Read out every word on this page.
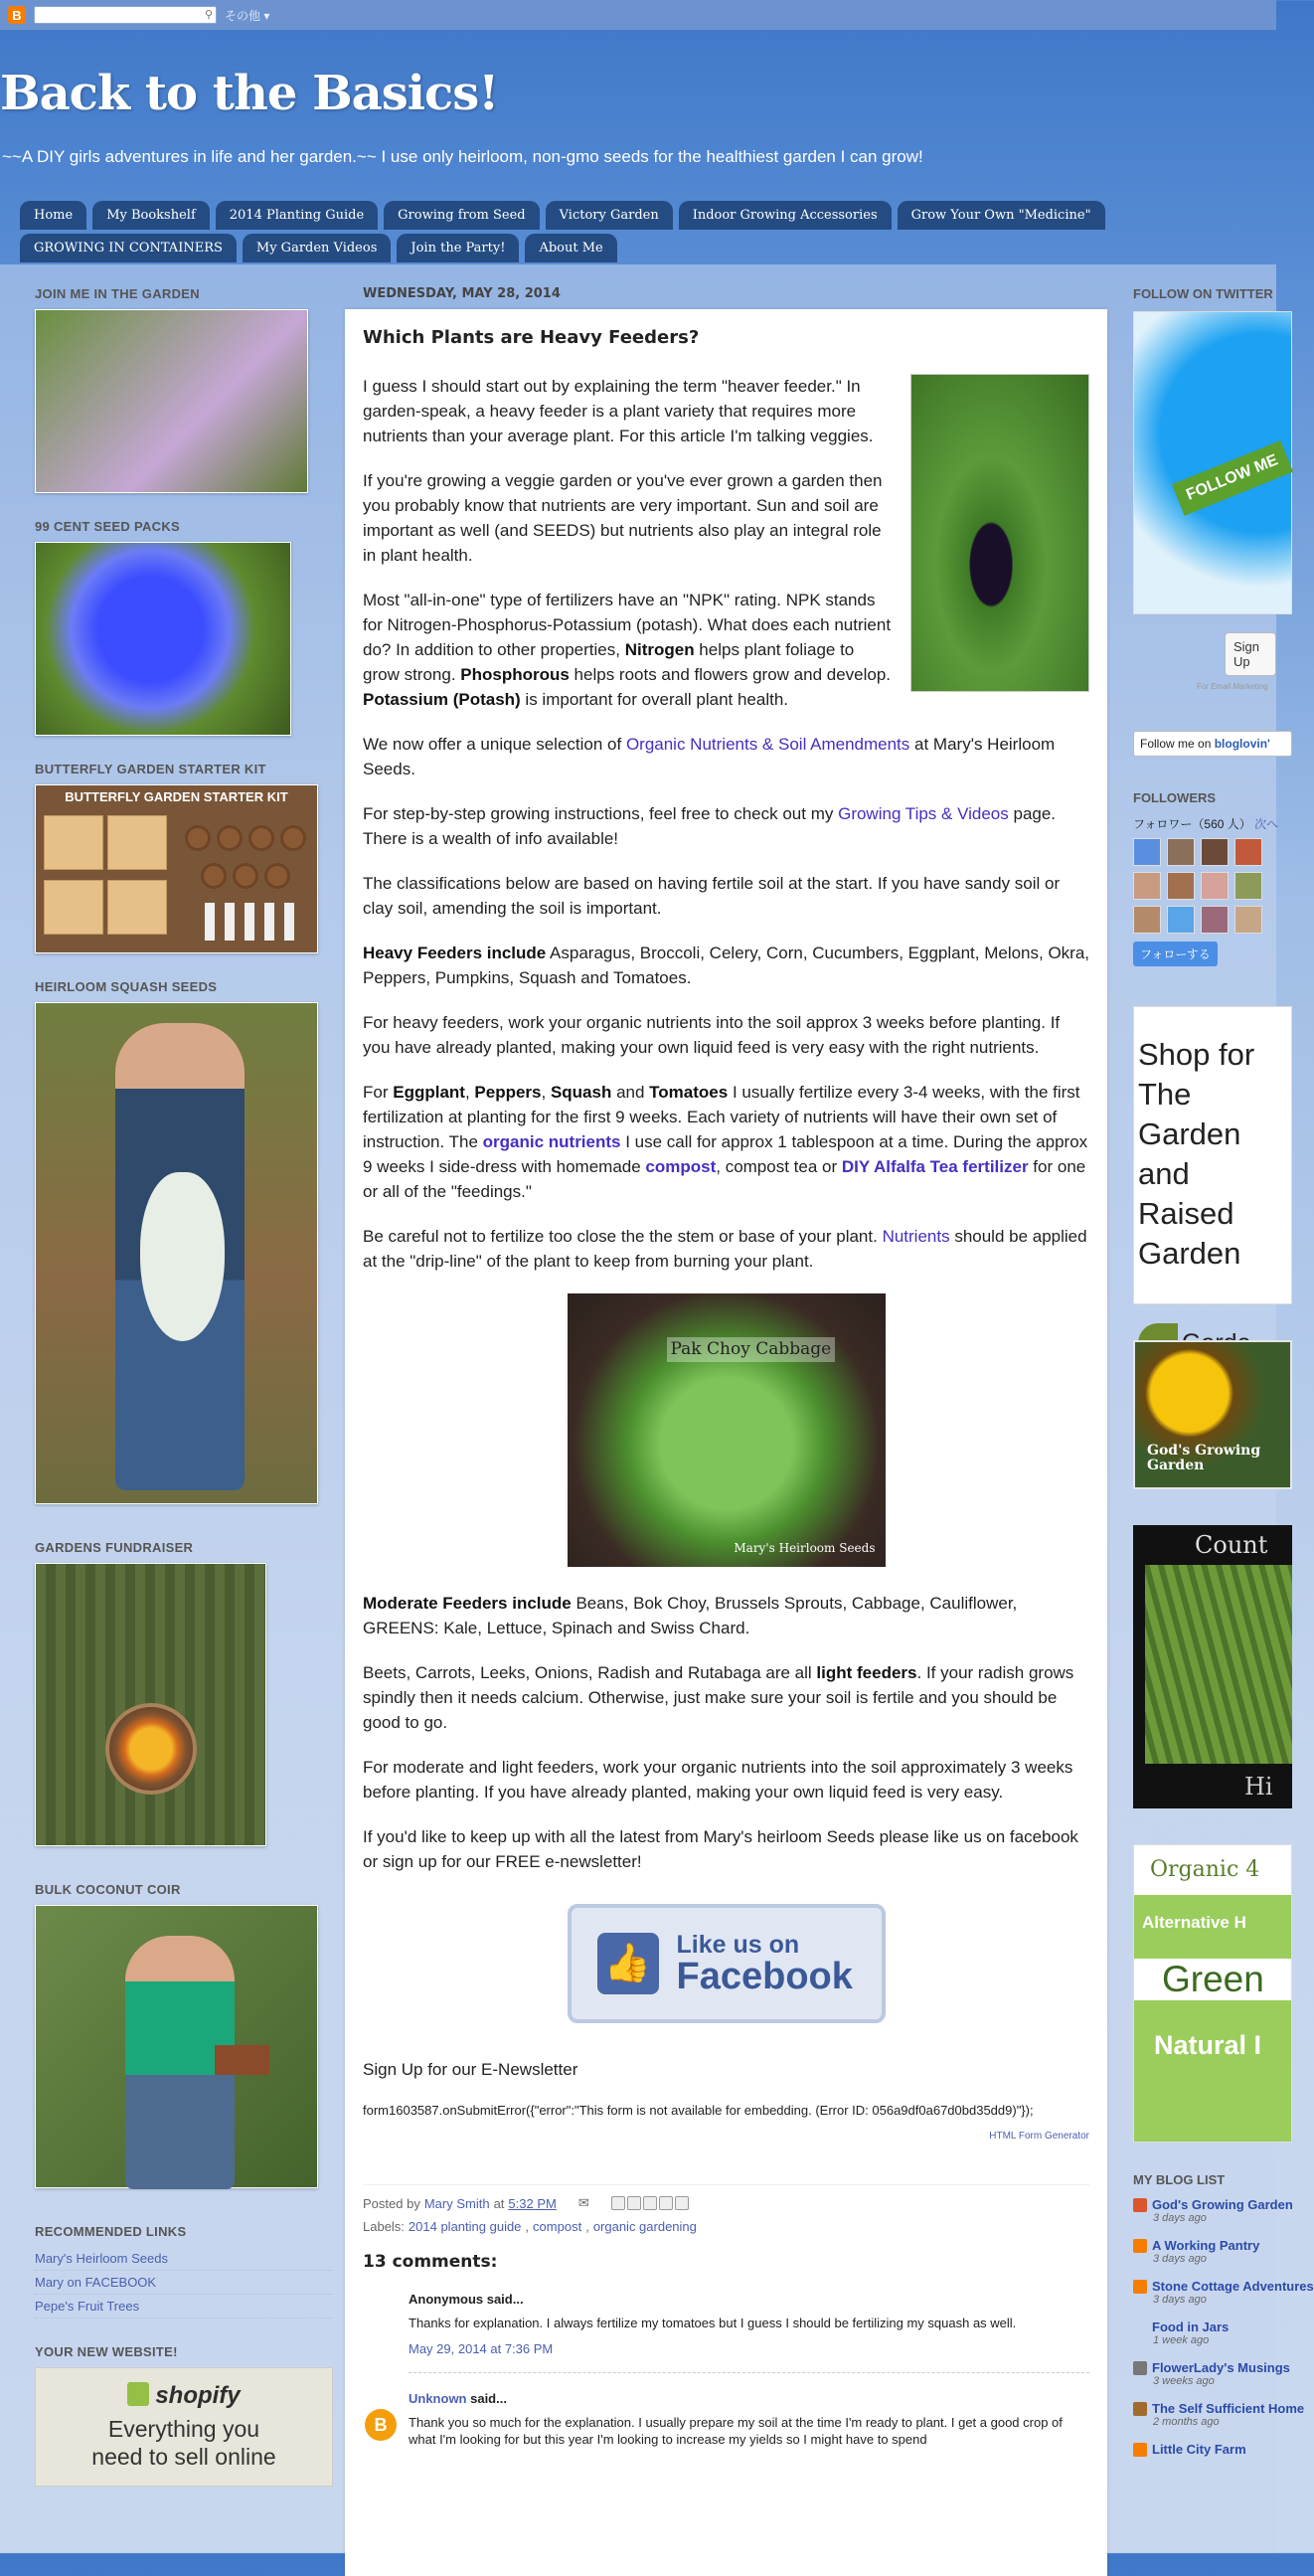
B	⚲ その他 ▾
Back to the Basics!
~~A DIY girls adventures in life and her garden.~~ I use only heirloom, non-gmo seeds for the healthiest garden I can grow!
Home	My Bookshelf	2014 Planting Guide	Growing from Seed	Victory Garden	Indoor Growing Accessories	Grow Your Own "Medicine"
GROWING IN CONTAINERS	My Garden Videos	Join the Party!	About Me
JOIN ME IN THE GARDEN
99 CENT SEED PACKS
BUTTERFLY GARDEN STARTER KIT
BUTTERFLY GARDEN STARTER KIT
HEIRLOOM SQUASH SEEDS
GARDENS FUNDRAISER
BULK COCONUT COIR
RECOMMENDED LINKS
Mary's Heirloom Seeds
Mary on FACEBOOK
Pepe's Fruit Trees
YOUR NEW WEBSITE!
shopify
Everything you
need to sell online
WEDNESDAY, MAY 28, 2014
Which Plants are Heavy Feeders?

I guess I should start out by explaining the term "heaver feeder." In garden-speak, a heavy feeder is a plant variety that requires more nutrients than your average plant. For this article I'm talking veggies.

If you're growing a veggie garden or you've ever grown a garden then you probably know that nutrients are very important. Sun and soil are important as well (and SEEDS) but nutrients also play an integral role in plant health.

Most "all-in-one" type of fertilizers have an "NPK" rating. NPK stands for Nitrogen-Phosphorus-Potassium (potash). What does each nutrient do? In addition to other properties, Nitrogen helps plant foliage to grow strong. Phosphorous helps roots and flowers grow and develop. Potassium (Potash) is important for overall plant health.

We now offer a unique selection of Organic Nutrients & Soil Amendments at Mary's Heirloom Seeds.

For step-by-step growing instructions, feel free to check out my Growing Tips & Videos page. There is a wealth of info available!

The classifications below are based on having fertile soil at the start. If you have sandy soil or clay soil, amending the soil is important.

Heavy Feeders include Asparagus, Broccoli, Celery, Corn, Cucumbers, Eggplant, Melons, Okra, Peppers, Pumpkins, Squash and Tomatoes.

For heavy feeders, work your organic nutrients into the soil approx 3 weeks before planting. If you have already planted, making your own liquid feed is very easy with the right nutrients.

For Eggplant, Peppers, Squash and Tomatoes I usually fertilize every 3-4 weeks, with the first fertilization at planting for the first 9 weeks. Each variety of nutrients will have their own set of instruction. The organic nutrients I use call for approx 1 tablespoon at a time. During the approx 9 weeks I side-dress with homemade compost, compost tea or DIY Alfalfa Tea fertilizer for one or all of the "feedings."

Be careful not to fertilize too close the the stem or base of your plant. Nutrients should be applied at the "drip-line" of the plant to keep from burning your plant.

Pak Choy Cabbage
Mary's Heirloom Seeds

Moderate Feeders include Beans, Bok Choy, Brussels Sprouts, Cabbage, Cauliflower, GREENS: Kale, Lettuce, Spinach and Swiss Chard.

Beets, Carrots, Leeks, Onions, Radish and Rutabaga are all light feeders. If your radish grows spindly then it needs calcium. Otherwise, just make sure your soil is fertile and you should be good to go.

For moderate and light feeders, work your organic nutrients into the soil approximately 3 weeks before planting. If you have already planted, making your own liquid feed is very easy.

If you'd like to keep up with all the latest from Mary's heirloom Seeds please like us on facebook or sign up for our FREE e-newsletter!

👍 Like us on
Facebook
Sign Up for our E-Newsletter
form1603587.onSubmitError({"error":"This form is not available for embedding. (Error ID: 056a9df0a67d0bd35dd9)"});
HTML Form Generator
Posted by Mary Smith at 5:32 PM ✉
Labels: 2014 planting guide , compost , organic gardening
13 comments:
Anonymous said...
Thanks for explanation. I always fertilize my tomatoes but I guess I should be fertilizing my squash as well.
May 29, 2014 at 7:36 PM
B
Unknown said...
Thank you so much for the explanation. I usually prepare my soil at the time I'm ready to plant. I get a good crop of what I'm looking for but this year I'm looking to increase my yields so I might have to spend
FOLLOW ON TWITTER
FOLLOW ME
Sign Up
For Email Marketing
Follow me on bloglovin'
FOLLOWERS
フォロワー（560 人） 次へ
フォローする
Shop for The Garden and Raised Garden
God's Growing Garden
Count
Hi
Organic 4
Alternative H
Green
Natural I
MY BLOG LIST
God's Growing Garden
3 days ago
A Working Pantry
3 days ago
Stone Cottage Adventures
3 days ago
Food in Jars
1 week ago
FlowerLady's Musings
3 weeks ago
The Self Sufficient Home
2 months ago
Little City Farm
